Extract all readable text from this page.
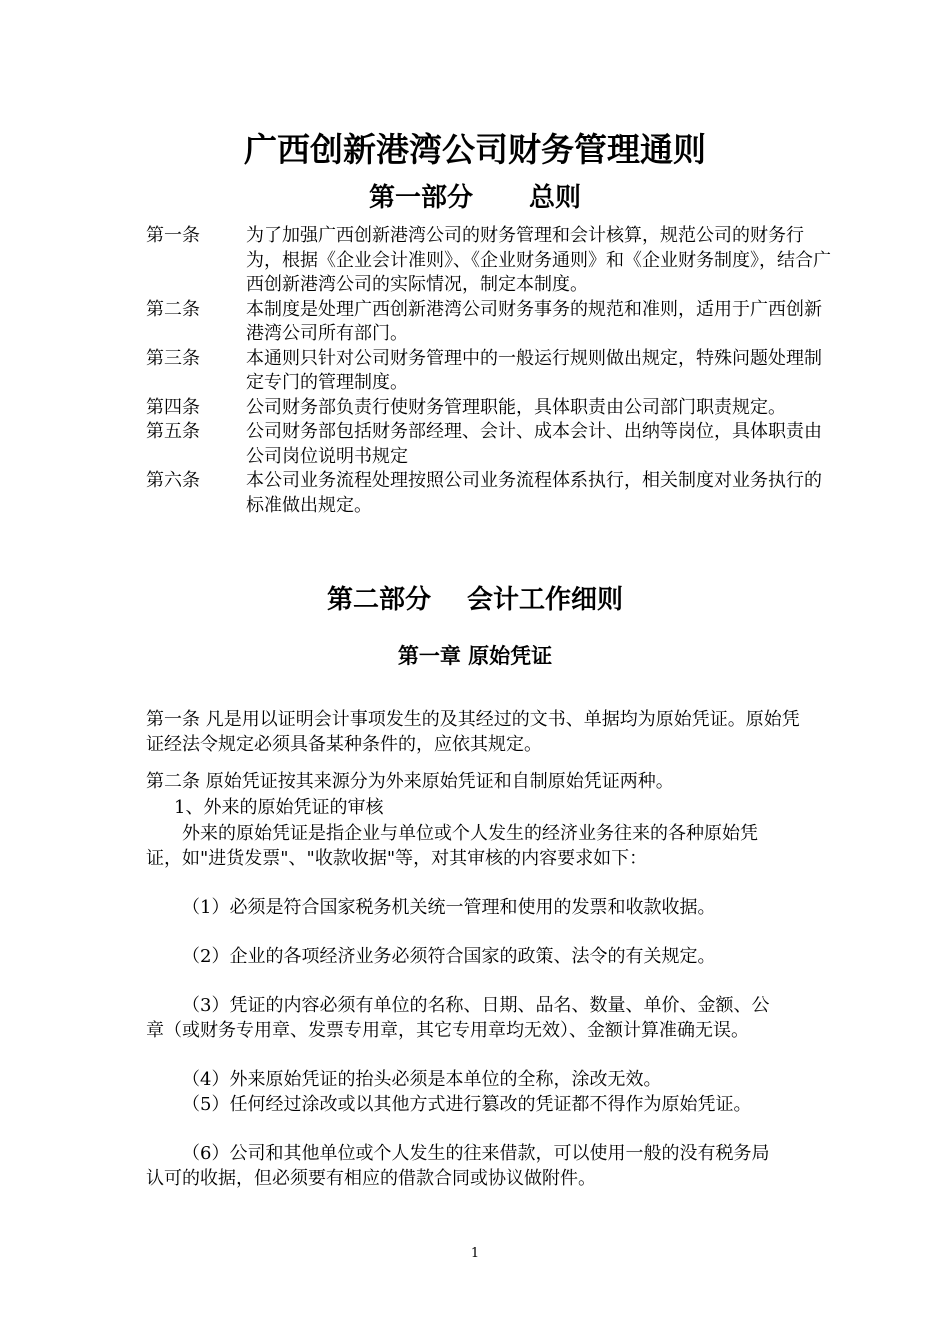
广西创新港湾公司财务管理通则
第一部分 总则
第一条	为了加强广西创新港湾公司的财务管理和会计核算，规范公司的财务行为，根据《企业会计准则》、《企业财务通则》和《企业财务制度》，结合广西创新港湾公司的实际情况，制定本制度。
第二条	本制度是处理广西创新港湾公司财务事务的规范和准则，适用于广西创新港湾公司所有部门。
第三条	本通则只针对公司财务管理中的一般运行规则做出规定，特殊问题处理制定专门的管理制度。
第四条	公司财务部负责行使财务管理职能，具体职责由公司部门职责规定。
第五条	公司财务部包括财务部经理、会计、成本会计、出纳等岗位，具体职责由公司岗位说明书规定
第六条	本公司业务流程处理按照公司业务流程体系执行，相关制度对业务执行的标准做出规定。
第二部分 会计工作细则
第一章 原始凭证
第一条 凡是用以证明会计事项发生的及其经过的文书、单据均为原始凭证。原始凭证经法令规定必须具备某种条件的，应依其规定。
第二条 原始凭证按其来源分为外来原始凭证和自制原始凭证两种。
1、外来的原始凭证的审核
外来的原始凭证是指企业与单位或个人发生的经济业务往来的各种原始凭证，如"进货发票"、"收款收据"等，对其审核的内容要求如下：
（1）必须是符合国家税务机关统一管理和使用的发票和收款收据。
（2）企业的各项经济业务必须符合国家的政策、法令的有关规定。
（3）凭证的内容必须有单位的名称、日期、品名、数量、单价、金额、公章（或财务专用章、发票专用章，其它专用章均无效）、金额计算准确无误。
（4）外来原始凭证的抬头必须是本单位的全称，涂改无效。
（5）任何经过涂改或以其他方式进行篡改的凭证都不得作为原始凭证。
（6）公司和其他单位或个人发生的往来借款，可以使用一般的没有税务局认可的收据，但必须要有相应的借款合同或协议做附件。
1
